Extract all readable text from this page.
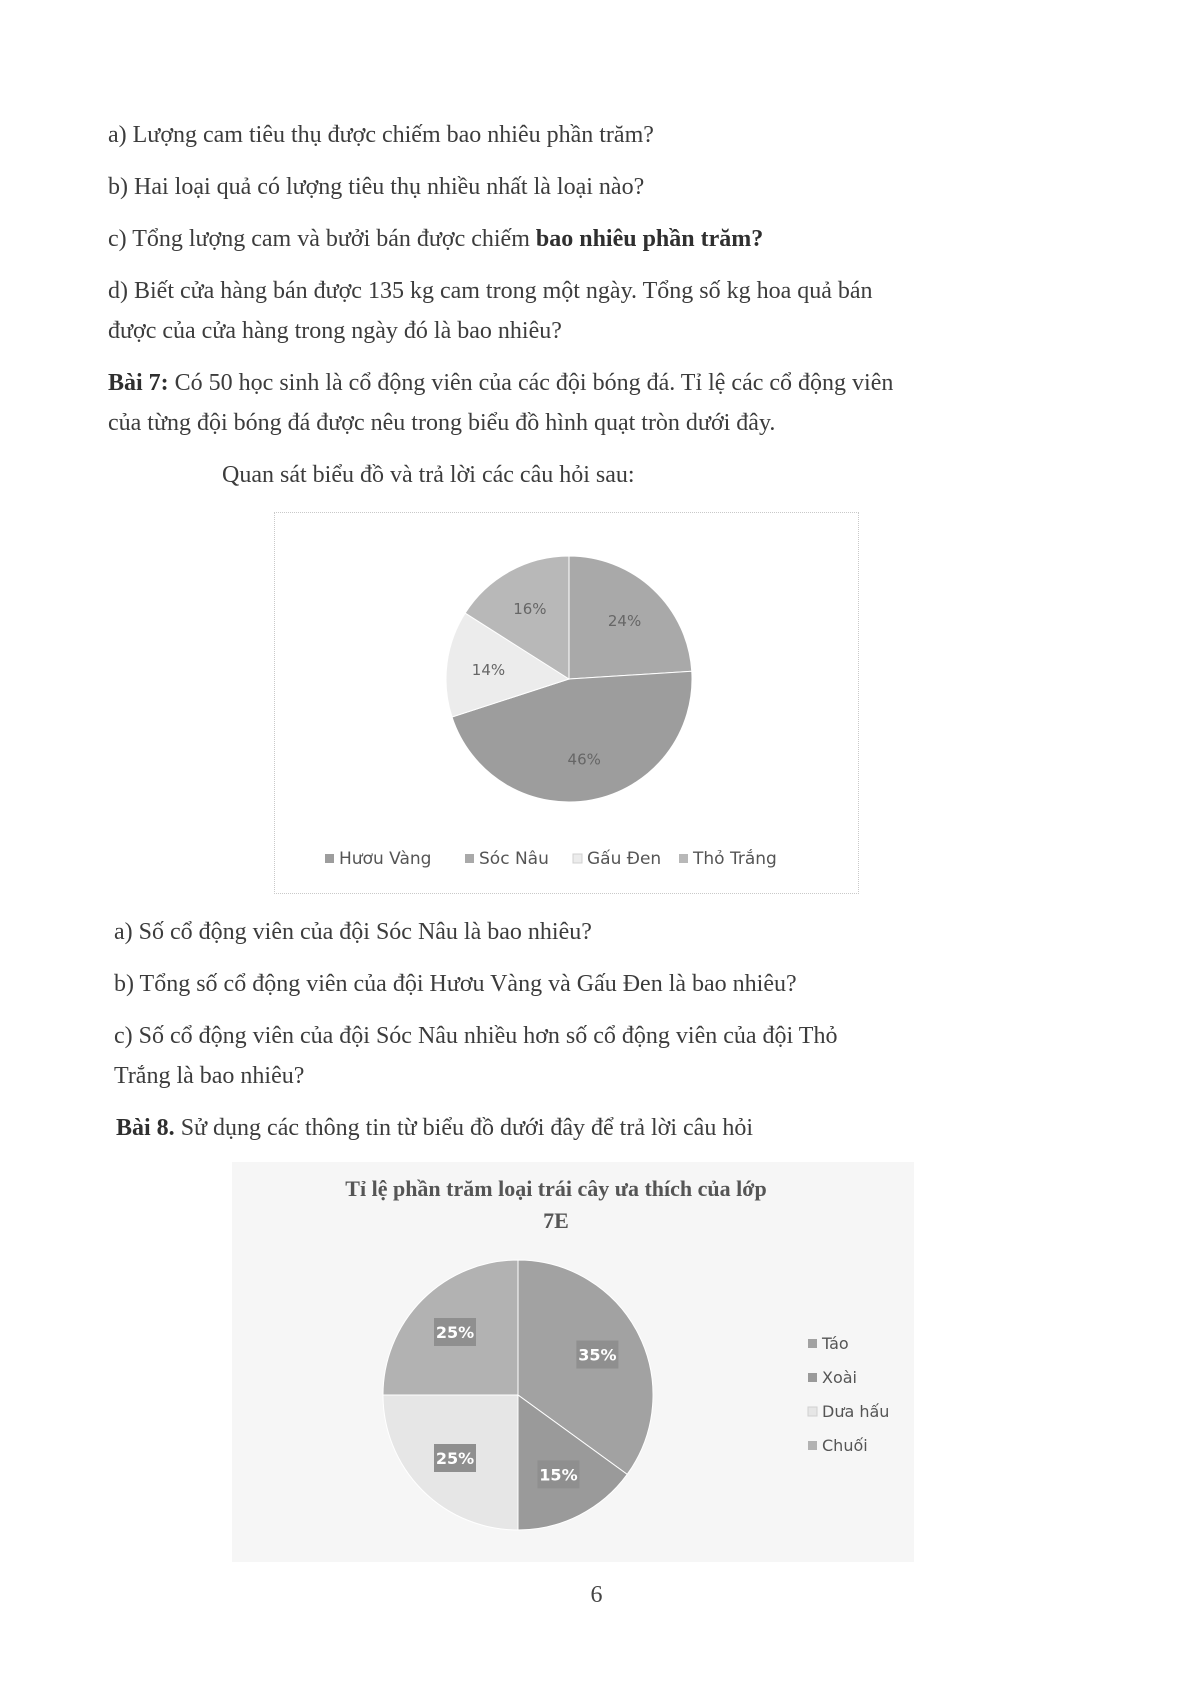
a) Lượng cam tiêu thụ được chiếm bao nhiêu phần trăm?
b) Hai loại quả có lượng tiêu thụ nhiều nhất là loại nào?
c) Tổng lượng cam và bưởi bán được chiếm bao nhiêu phần trăm?
d) Biết cửa hàng bán được 135 kg cam trong một ngày. Tổng số kg hoa quả bán
được của cửa hàng trong ngày đó là bao nhiêu?
Bài 7: Có 50 học sinh là cổ động viên của các đội bóng đá. Tỉ lệ các cổ động viên
của từng đội bóng đá được nêu trong biểu đồ hình quạt tròn dưới đây.
Quan sát biểu đồ và trả lời các câu hỏi sau:
24%
46%
14%
16%
Hươu Vàng	Sóc Nâu Gấu Đen Thỏ Trắng
a) Số cổ động viên của đội Sóc Nâu là bao nhiêu?
b) Tổng số cổ động viên của đội Hươu Vàng và Gấu Đen là bao nhiêu?
c) Số cổ động viên của đội Sóc Nâu nhiều hơn số cổ động viên của đội Thỏ
Trắng là bao nhiêu?
Bài 8. Sử dụng các thông tin từ biểu đồ dưới đây để trả lời câu hỏi
Tỉ lệ phần trăm loại trái cây ưa thích của lớp
7E
35%
15%
25%
25%
Táo
Xoài
Dưa hấu
Chuối
6
